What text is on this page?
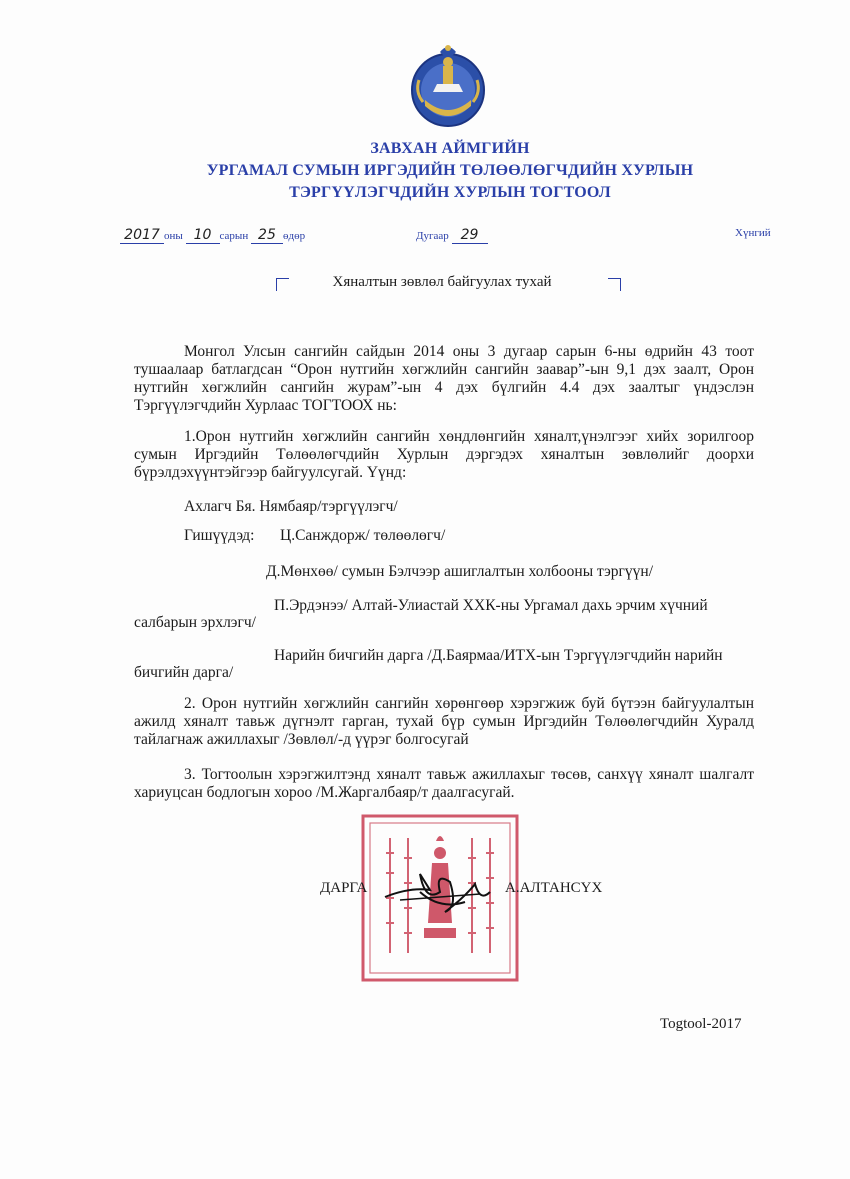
ЗАВХАН АЙМГИЙН
УРГАМАЛ СУМЫН ИРГЭДИЙН ТӨЛӨӨЛӨГЧДИЙН ХУРЛЫН
ТЭРГҮҮЛЭГЧДИЙН ХУРЛЫН ТОГТООЛ
2017 оны 10 сарын 25 өдөр	Дугаар 29	Хүнгий
Хяналтын зөвлөл байгуулах тухай
Монгол Улсын сангийн сайдын 2014 оны 3 дугаар сарын 6-ны өдрийн 43 тоот тушаалаар батлагдсан “Орон нутгийн хөгжлийн сангийн заавар”-ын 9,1 дэх заалт, Орон нутгийн хөгжлийн сангийн журам”-ын 4 дэх бүлгийн 4.4 дэх заалтыг үндэслэн Тэргүүлэгчдийн Хурлаас ТОГТООХ нь:
1.Орон нутгийн хөгжлийн сангийн хөндлөнгийн хяналт,үнэлгээг хийх зорилгоор сумын Иргэдийн Төлөөлөгчдийн Хурлын дэргэдэх хяналтын зөвлөлийг доорхи бүрэлдэхүүнтэйгээр байгуулсугай. Үүнд:
Ахлагч Бя. Нямбаяр/тэргүүлэгч/
Гишүүдэд: Ц.Санждорж/ төлөөлөгч/
Д.Мөнхөө/ сумын Бэлчээр ашиглалтын холбооны тэргүүн/
П.Эрдэнээ/ Алтай-Улиастай ХХК-ны Ургамал дахь эрчим хүчний
салбарын эрхлэгч/
Нарийн бичгийн дарга /Д.Баярмаа/ИТХ-ын Тэргүүлэгчдийн нарийн
бичгийн дарга/
2. Орон нутгийн хөгжлийн сангийн хөрөнгөөр хэрэгжиж буй бүтээн байгуулалтын ажилд хяналт тавьж дүгнэлт гарган, тухай бүр сумын Иргэдийн Төлөөлөгчдийн Хуралд тайлагнаж ажиллахыг /Зөвлөл/-д үүрэг болгосугай
3. Тогтоолын хэрэгжилтэнд хяналт тавьж ажиллахыг төсөв, санхүү хяналт шалгалт хариуцсан бодлогын хороо /М.Жаргалбаяр/т даалгасугай.
ДАРГА	А.АЛТАНСҮХ
Togtool-2017
